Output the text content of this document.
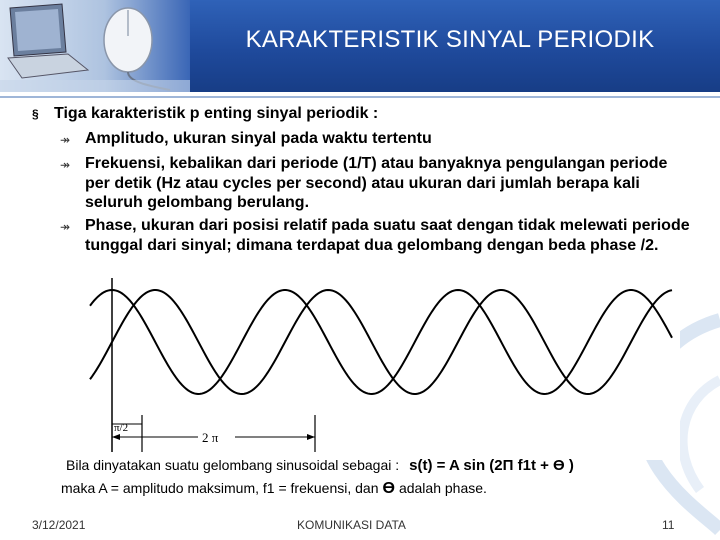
KARAKTERISTIK SINYAL PERIODIK
§ Tiga karakteristik p enting sinyal periodik :
↠ Amplitudo, ukuran sinyal pada waktu tertentu
↠ Frekuensi, kebalikan dari periode (1/T) atau banyaknya pengulangan periode per detik (Hz atau cycles per second) atau ukuran dari jumlah berapa kali seluruh gelombang berulang.
↠ Phase, ukuran dari posisi relatif pada suatu saat dengan tidak melewati periode tunggal dari sinyal; dimana terdapat dua gelombang dengan beda phase /2.
π/2
2 π
Bila dinyatakan suatu gelombang sinusoidal sebagai : s(t) = A sin (2Π f1t + Ɵ )
maka A = amplitudo maksimum, f1 = frekuensi, dan Ɵ adalah phase.
3/12/2021	KOMUNIKASI DATA	11
